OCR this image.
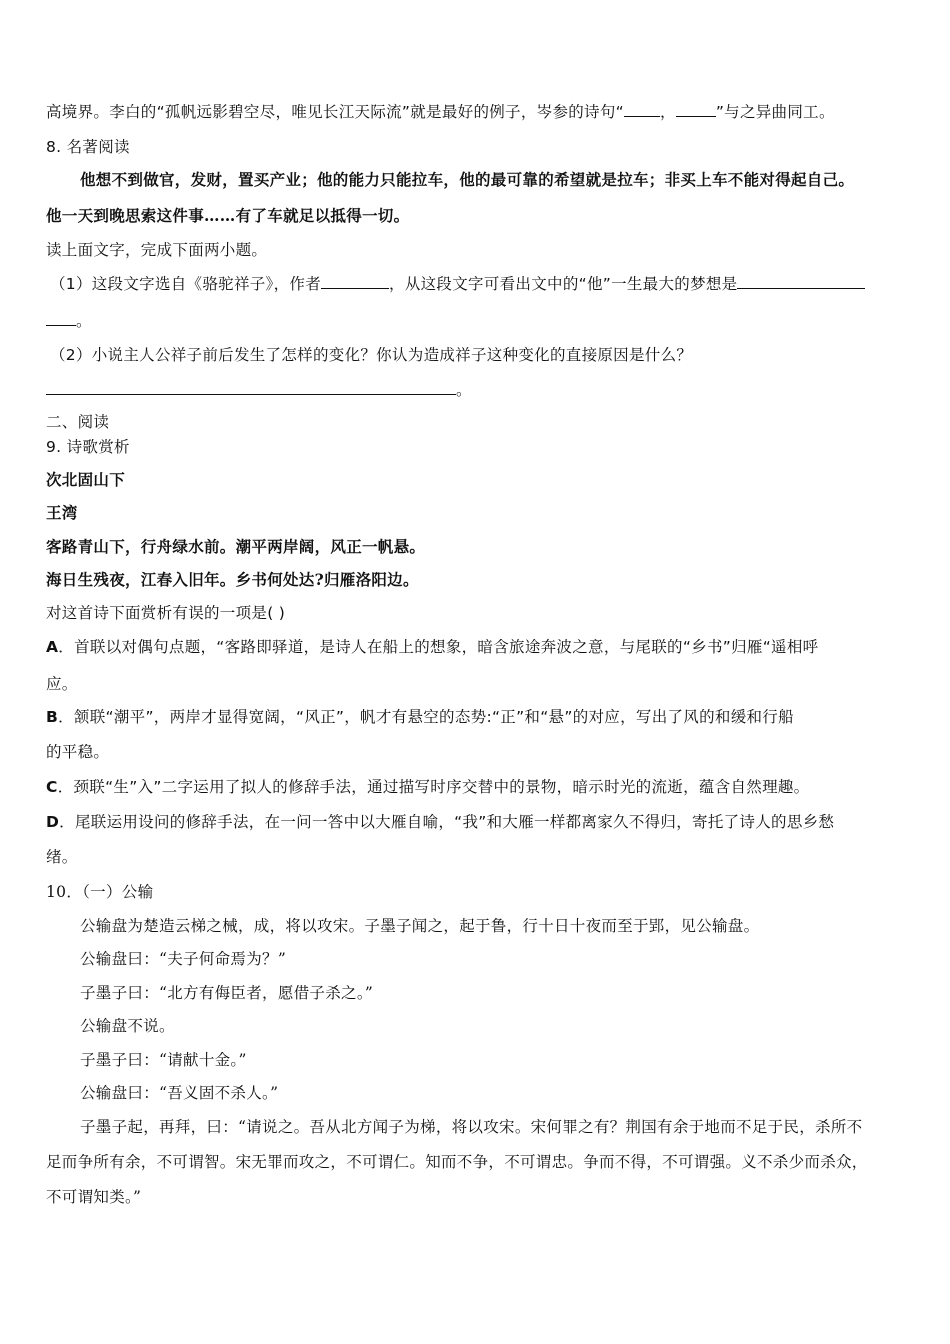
高境界。李白的“孤帆远影碧空尽，唯见长江天际流”就是最好的例子，岑参的诗句“ ，	”与之异曲同工。
8. 名著阅读
他想不到做官，发财，置买产业；他的能力只能拉车，他的最可靠的希望就是拉车；非买上车不能对得起自己。
他一天到晚思索这件事……有了车就足以抵得一切。
读上面文字，完成下面两小题。
（1）这段文字选自《骆驼祥子》，作者	，从这段文字可看出文中的“他”一生最大的梦想是
。
（2）小说主人公祥子前后发生了怎样的变化？你认为造成祥子这种变化的直接原因是什么？
。
二、阅读
9. 诗歌赏析
次北固山下
王湾
客路青山下，行舟绿水前。潮平两岸阔，风正一帆悬。
海日生残夜，江春入旧年。乡书何处达?归雁洛阳边。
对这首诗下面赏析有误的一项是( )
A．首联以对偶句点题，“客路即驿道，是诗人在船上的想象，暗含旅途奔波之意，与尾联的“乡书”归雁“遥相呼
应。
B．颔联“潮平”，两岸才显得宽阔，“风正”，帆才有悬空的态势:“正”和“悬”的对应，写出了风的和缓和行船
的平稳。
C．颈联“生”入”二字运用了拟人的修辞手法，通过描写时序交替中的景物，暗示时光的流逝，蕴含自然理趣。
D．尾联运用设问的修辞手法，在一问一答中以大雁自喻，“我”和大雁一样都离家久不得归，寄托了诗人的思乡愁
绪。
10．（一）公输
公输盘为楚造云梯之械，成，将以攻宋。子墨子闻之，起于鲁，行十日十夜而至于郢，见公输盘。
公输盘曰：“夫子何命焉为？”
子墨子曰：“北方有侮臣者，愿借子杀之。”
公输盘不说。
子墨子曰：“请献十金。”
公输盘曰：“吾义固不杀人。”
子墨子起，再拜，曰：“请说之。吾从北方闻子为梯，将以攻宋。宋何罪之有？荆国有余于地而不足于民，杀所不
足而争所有余，不可谓智。宋无罪而攻之，不可谓仁。知而不争，不可谓忠。争而不得，不可谓强。义不杀少而杀众，
不可谓知类。”
